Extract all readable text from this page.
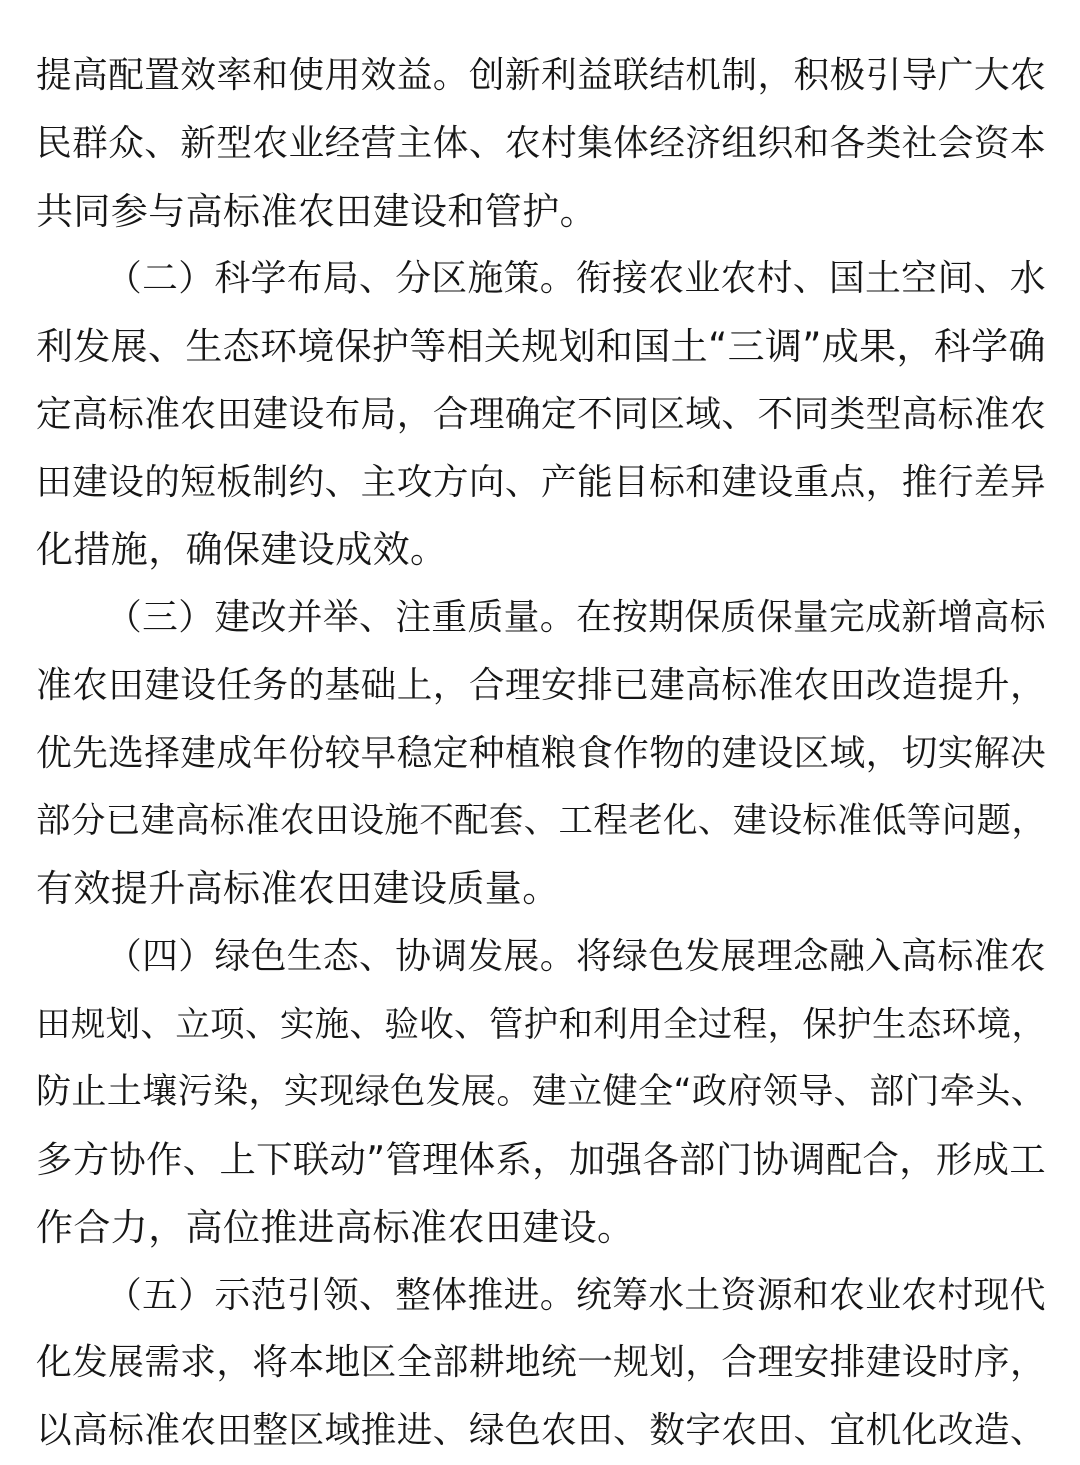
提高配置效率和使用效益。创新利益联结机制，积极引导广大农
民群众、新型农业经营主体、农村集体经济组织和各类社会资本
共同参与高标准农田建设和管护。
（二）科学布局、分区施策。衔接农业农村、国土空间、水
利发展、生态环境保护等相关规划和国土“三调”成果，科学确
定高标准农田建设布局，合理确定不同区域、不同类型高标准农
田建设的短板制约、主攻方向、产能目标和建设重点，推行差异
化措施，确保建设成效。
（三）建改并举、注重质量。在按期保质保量完成新增高标
准农田建设任务的基础上，合理安排已建高标准农田改造提升，
优先选择建成年份较早稳定种植粮食作物的建设区域，切实解决
部分已建高标准农田设施不配套、工程老化、建设标准低等问题，
有效提升高标准农田建设质量。
（四）绿色生态、协调发展。将绿色发展理念融入高标准农
田规划、立项、实施、验收、管护和利用全过程，保护生态环境，
防止土壤污染，实现绿色发展。建立健全“政府领导、部门牵头、
多方协作、上下联动”管理体系，加强各部门协调配合，形成工
作合力，高位推进高标准农田建设。
（五）示范引领、整体推进。统筹水土资源和农业农村现代
化发展需求，将本地区全部耕地统一规划，合理安排建设时序，
以高标准农田整区域推进、绿色农田、数字农田、宜机化改造、
